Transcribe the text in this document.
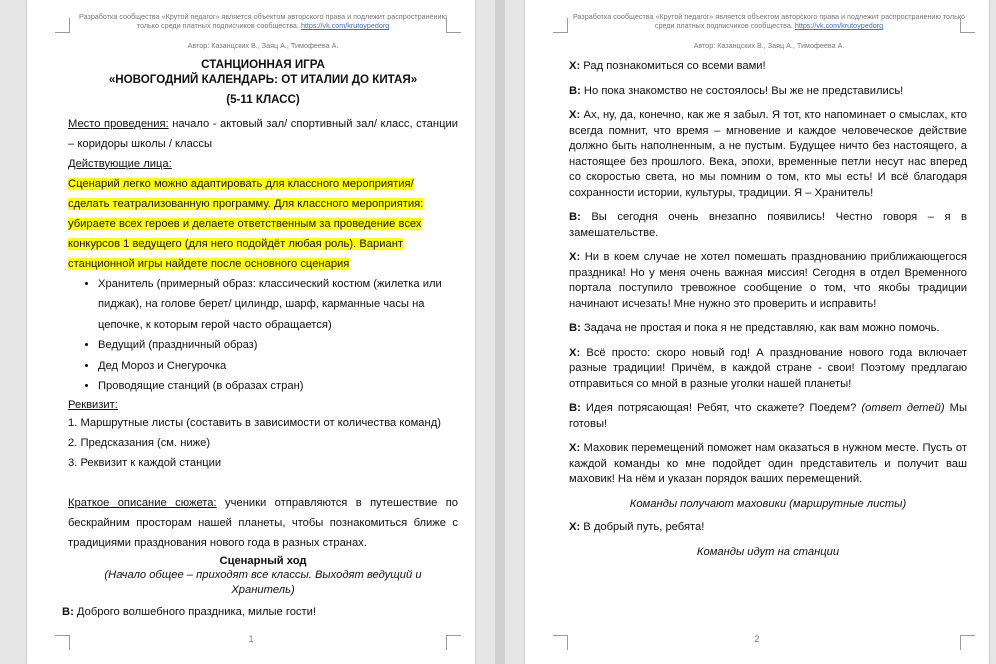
Разработка сообщества «Крутой педагог» является объектом авторского права и подлежит распространению только среди платных подписчиков сообщества. https://vk.com/krutoypedorg
Автор: Казанцских В., Заяц А., Тимофеева А.
СТАНЦИОННАЯ ИГРА
«НОВОГОДНИЙ КАЛЕНДАРЬ: ОТ ИТАЛИИ ДО КИТАЯ»
(5-11 КЛАСС)

Место проведения: начало - актовый зал/ спортивный зал/ класс, станции – коридоры школы / классы

Действующие лица:

Сценарий легко можно адаптировать для классного мероприятия/ сделать театрализованную программу. Для классного мероприятия: убираете всех героев и делаете ответственным за проведение всех конкурсов 1 ведущего (для него подойдёт любая роль). Вариант станционной игры найдете после основного сценария

• Хранитель (примерный образ: классический костюм (жилетка или пиджак), на голове берет/ цилиндр, шарф, карманные часы на цепочке, к которым герой часто обращается)
• Ведущий (праздничный образ)
• Дед Мороз и Снегурочка
• Проводящие станций (в образах стран)

Реквизит:

1. Маршрутные листы (составить в зависимости от количества команд)

2. Предсказания (см. ниже)

3. Реквизит к каждой станции

Краткое описание сюжета: ученики отправляются в путешествие по бескрайним просторам нашей планеты, чтобы познакомиться ближе с традициями празднования нового года в разных странах.

Сценарный ход
(Начало общее – приходят все классы. Выходят ведущий и Хранитель)

В: Доброго волшебного праздника, милые гости!

1
Разработка сообщества «Крутой педагог» является объектом авторского права и подлежит распространению только среди платных подписчиков сообщества. https://vk.com/krutoypedorg
Автор: Казанцских В., Заяц А., Тимофеева А.

Х: Рад познакомиться со всеми вами!

В: Но пока знакомство не состоялось! Вы же не представились!

Х: Ах, ну, да, конечно, как же я забыл. Я тот, кто напоминает о смыслах, кто всегда помнит, что время – мгновение и каждое человеческое действие должно быть наполненным, а не пустым. Будущее ничто без настоящего, а настоящее без прошлого. Века, эпохи, временные петли несут нас вперед со скоростью света, но мы помним о том, кто мы есть! И всё благодаря сохранности истории, культуры, традиции. Я – Хранитель!

В: Вы сегодня очень внезапно появились! Честно говоря – я в замешательстве.

Х: Ни в коем случае не хотел помешать празднованию приближающегося праздника! Но у меня очень важная миссия! Сегодня в отдел Временного портала поступило тревожное сообщение о том, что якобы традиции начинают исчезать! Мне нужно это проверить и исправить!

В: Задача не простая и пока я не представляю, как вам можно помочь.

Х: Всё просто: скоро новый год! А празднование нового года включает разные традиции! Причём, в каждой стране - свои! Поэтому предлагаю отправиться со мной в разные уголки нашей планеты!

В: Идея потрясающая! Ребят, что скажете? Поедем? (ответ детей) Мы готовы!

Х: Маховик перемещений поможет нам оказаться в нужном месте. Пусть от каждой команды ко мне подойдет один представитель и получит ваш маховик! На нём и указан порядок ваших перемещений.

Команды получают маховики (маршрутные листы)

Х: В добрый путь, ребята!

Команды идут на станции

2
